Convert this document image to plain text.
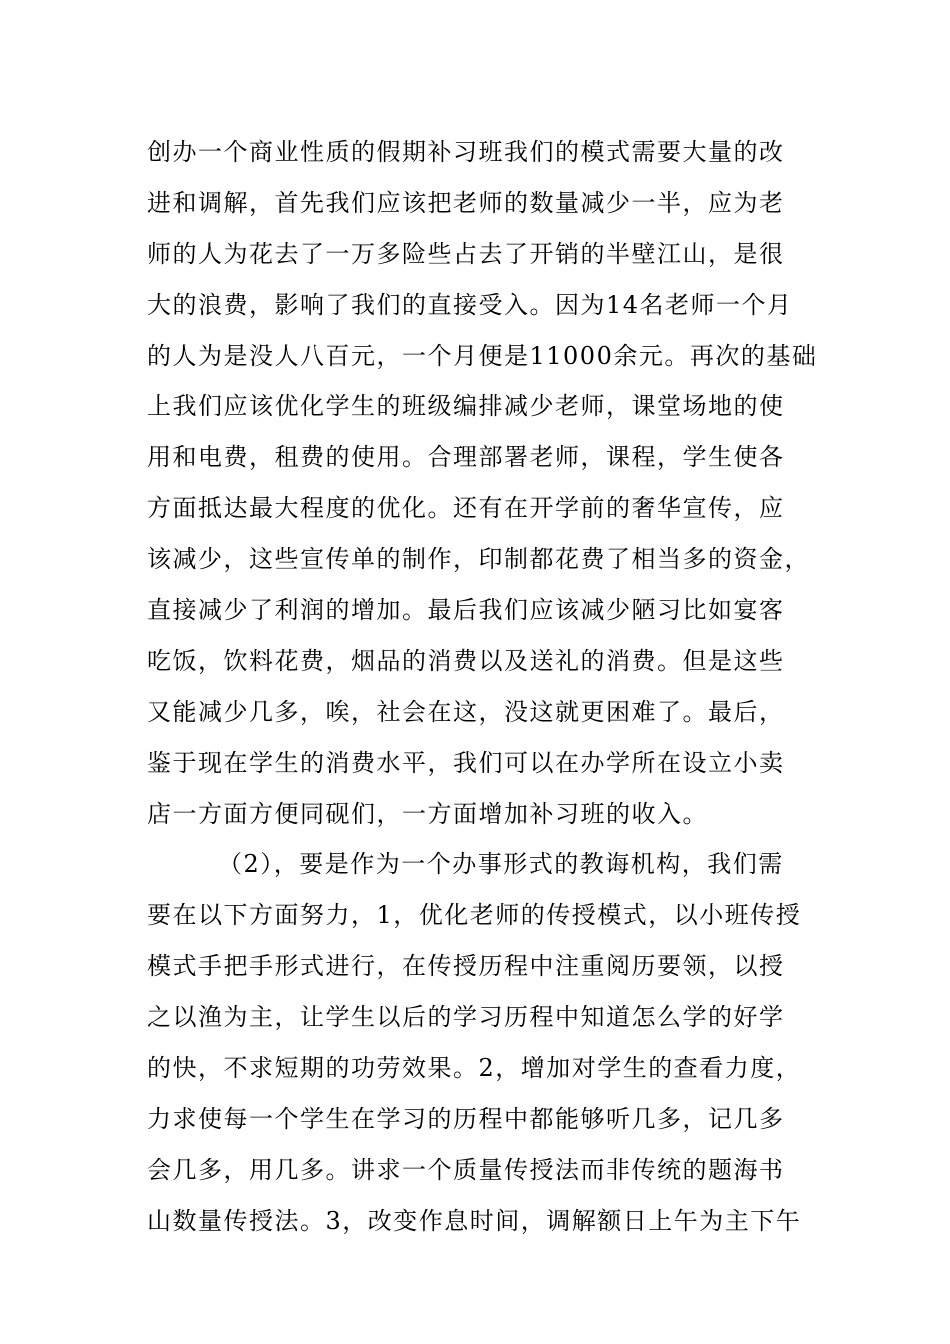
创办一个商业性质的假期补习班我们的模式需要大量的改
进和调解，首先我们应该把老师的数量减少一半，应为老
师的人为花去了一万多险些占去了开销的半壁江山，是很
大的浪费，影响了我们的直接受入。因为14名老师一个月
的人为是没人八百元，一个月便是11000余元。再次的基础
上我们应该优化学生的班级编排减少老师，课堂场地的使
用和电费，租费的使用。合理部署老师，课程，学生使各
方面抵达最大程度的优化。还有在开学前的奢华宣传，应
该减少，这些宣传单的制作，印制都花费了相当多的资金，
直接减少了利润的增加。最后我们应该减少陋习比如宴客
吃饭，饮料花费，烟品的消费以及送礼的消费。但是这些
又能减少几多，唉，社会在这，没这就更困难了。最后，
鉴于现在学生的消费水平，我们可以在办学所在设立小卖
店一方面方便同砚们，一方面增加补习班的收入。
（2），要是作为一个办事形式的教诲机构，我们需
要在以下方面努力，1，优化老师的传授模式，以小班传授
模式手把手形式进行，在传授历程中注重阅历要领，以授
之以渔为主，让学生以后的学习历程中知道怎么学的好学
的快，不求短期的功劳效果。2，增加对学生的查看力度，
力求使每一个学生在学习的历程中都能够听几多，记几多
会几多，用几多。讲求一个质量传授法而非传统的题海书
山数量传授法。3，改变作息时间，调解额日上午为主下午
